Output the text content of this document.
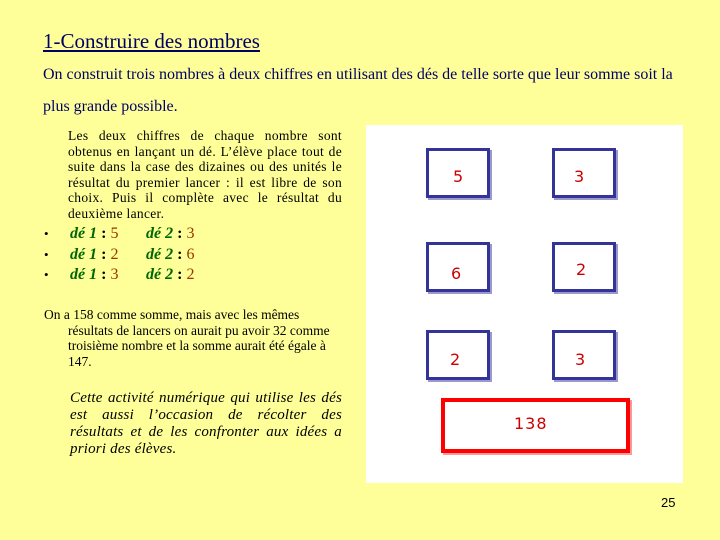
1-Construire des nombres
On construit trois nombres à deux chiffres en utilisant des dés de telle sorte que leur somme soit la plus grande possible.
Les deux chiffres de chaque nombre sont obtenus en lançant un dé. L’élève place tout de suite dans la case des dizaines ou des unités le résultat du premier lancer : il est libre de son choix. Puis il complète avec le résultat du deuxième lancer.
• dé 1 : 5 dé 2 : 3
• dé 1 : 2 dé 2 : 6
• dé 1 : 3 dé 2 : 2
On a 158 comme somme, mais avec les mêmes
résultats de lancers on aurait pu avoir 32 comme troisième nombre et la somme aurait été égale à 147.
Cette activité numérique qui utilise les dés est aussi l’occasion de récolter des résultats et de les confronter aux idées a priori des élèves.
5	3
6	2
2	3
138
25
